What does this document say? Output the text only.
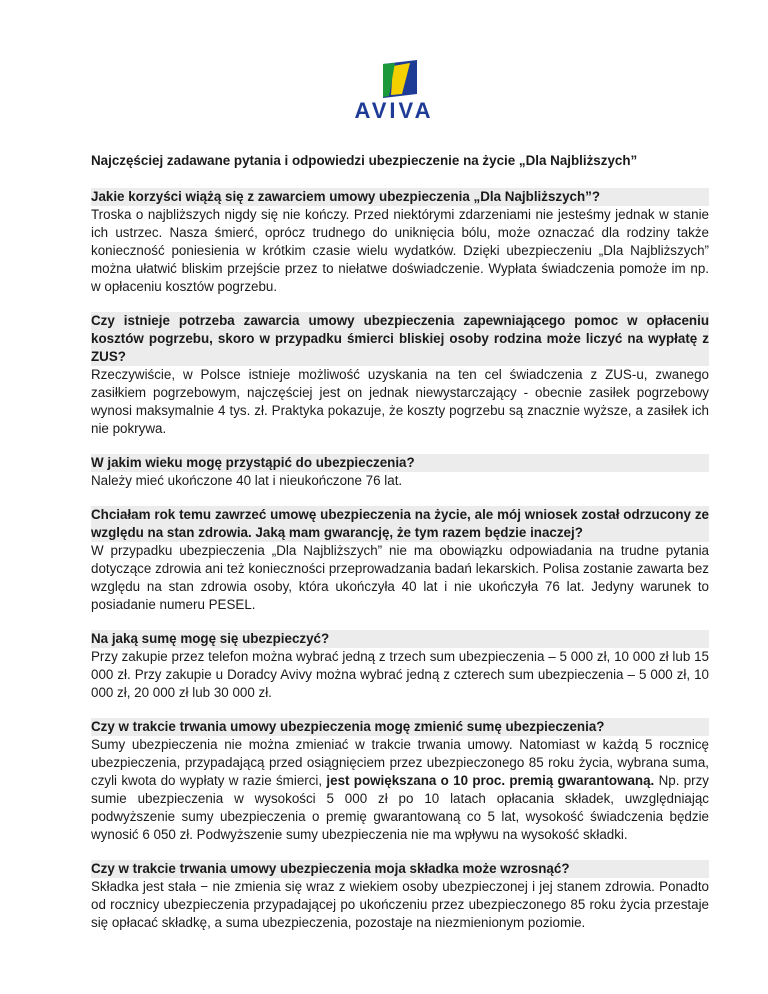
AVIVA
Najczęściej zadawane pytania i odpowiedzi ubezpieczenie na życie „Dla Najbliższych”
Jakie korzyści wiążą się z zawarciem umowy ubezpieczenia „Dla Najbliższych”?
Troska o najbliższych nigdy się nie kończy. Przed niektórymi zdarzeniami nie jesteśmy jednak w stanie ich ustrzec. Nasza śmierć, oprócz trudnego do uniknięcia bólu, może oznaczać dla rodziny także konieczność poniesienia w krótkim czasie wielu wydatków. Dzięki ubezpieczeniu „Dla Najbliższych” można ułatwić bliskim przejście przez to niełatwe doświadczenie. Wypłata świadczenia pomoże im np. w opłaceniu kosztów pogrzebu.
Czy istnieje potrzeba zawarcia umowy ubezpieczenia zapewniającego pomoc w opłaceniu kosztów pogrzebu, skoro w przypadku śmierci bliskiej osoby rodzina może liczyć na wypłatę z ZUS?
Rzeczywiście, w Polsce istnieje możliwość uzyskania na ten cel świadczenia z ZUS-u, zwanego zasiłkiem pogrzebowym, najczęściej jest on jednak niewystarczający - obecnie zasiłek pogrzebowy wynosi maksymalnie 4 tys. zł. Praktyka pokazuje, że koszty pogrzebu są znacznie wyższe, a zasiłek ich nie pokrywa.
W jakim wieku mogę przystąpić do ubezpieczenia?
Należy mieć ukończone 40 lat i nieukończone 76 lat.
Chciałam rok temu zawrzeć umowę ubezpieczenia na życie, ale mój wniosek został odrzucony ze względu na stan zdrowia. Jaką mam gwarancję, że tym razem będzie inaczej?
W przypadku ubezpieczenia „Dla Najbliższych” nie ma obowiązku odpowiadania na trudne pytania dotyczące zdrowia ani też konieczności przeprowadzania badań lekarskich. Polisa zostanie zawarta bez względu na stan zdrowia osoby, która ukończyła 40 lat i nie ukończyła 76 lat. Jedyny warunek to posiadanie numeru PESEL.
Na jaką sumę mogę się ubezpieczyć?
Przy zakupie przez telefon można wybrać jedną z trzech sum ubezpieczenia – 5 000 zł, 10 000 zł lub 15 000 zł. Przy zakupie u Doradcy Avivy można wybrać jedną z czterech sum ubezpieczenia – 5 000 zł, 10 000 zł, 20 000 zł lub 30 000 zł.
Czy w trakcie trwania umowy ubezpieczenia mogę zmienić sumę ubezpieczenia?
Sumy ubezpieczenia nie można zmieniać w trakcie trwania umowy. Natomiast w każdą 5 rocznicę ubezpieczenia, przypadającą przed osiągnięciem przez ubezpieczonego 85 roku życia, wybrana suma, czyli kwota do wypłaty w razie śmierci, jest powiększana o 10 proc. premią gwarantowaną. Np. przy sumie ubezpieczenia w wysokości 5 000 zł po 10 latach opłacania składek, uwzględniając podwyższenie sumy ubezpieczenia o premię gwarantowaną co 5 lat, wysokość świadczenia będzie wynosić 6 050 zł. Podwyższenie sumy ubezpieczenia nie ma wpływu na wysokość składki.
Czy w trakcie trwania umowy ubezpieczenia moja składka może wzrosnąć?
Składka jest stała − nie zmienia się wraz z wiekiem osoby ubezpieczonej i jej stanem zdrowia. Ponadto od rocznicy ubezpieczenia przypadającej po ukończeniu przez ubezpieczonego 85 roku życia przestaje się opłacać składkę, a suma ubezpieczenia, pozostaje na niezmienionym poziomie.
